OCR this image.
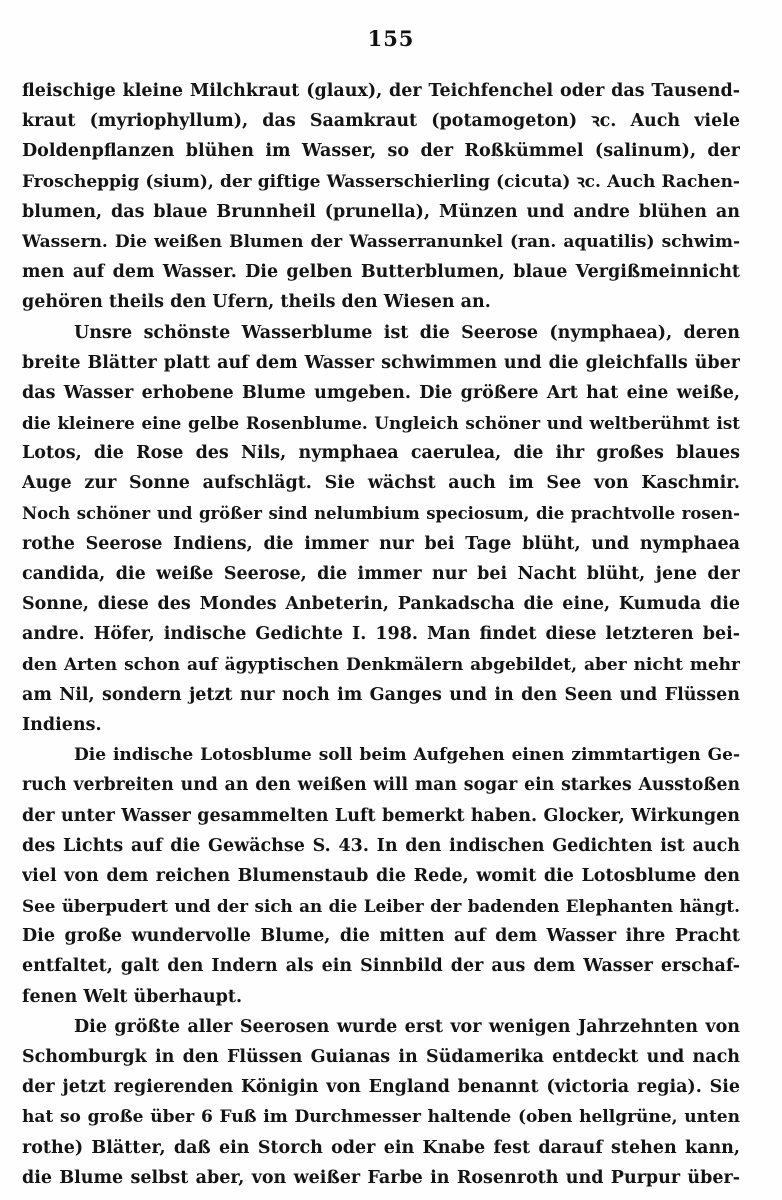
155
fleischige kleine Milchkraut (glaux), der Teichfenchel oder das Tausend-
kraut (myriophyllum), das Saamkraut (potamogeton) ꝛc. Auch viele
Doldenpflanzen blühen im Wasser, so der Roßkümmel (salinum), der
Froscheppig (sium), der giftige Wasserschierling (cicuta) ꝛc. Auch Rachen-
blumen, das blaue Brunnheil (prunella), Münzen und andre blühen an
Wassern. Die weißen Blumen der Wasserranunkel (ran. aquatilis) schwim-
men auf dem Wasser. Die gelben Butterblumen, blaue Vergißmeinnicht
gehören theils den Ufern, theils den Wiesen an.
Unsre schönste Wasserblume ist die Seerose (nymphaea), deren
breite Blätter platt auf dem Wasser schwimmen und die gleichfalls über
das Wasser erhobene Blume umgeben. Die größere Art hat eine weiße,
die kleinere eine gelbe Rosenblume. Ungleich schöner und weltberühmt ist
Lotos, die Rose des Nils, nymphaea caerulea, die ihr großes blaues
Auge zur Sonne aufschlägt. Sie wächst auch im See von Kaschmir.
Noch schöner und größer sind nelumbium speciosum, die prachtvolle rosen-
rothe Seerose Indiens, die immer nur bei Tage blüht, und nymphaea
candida, die weiße Seerose, die immer nur bei Nacht blüht, jene der
Sonne, diese des Mondes Anbeterin, Pankadscha die eine, Kumuda die
andre. Höfer, indische Gedichte I. 198. Man findet diese letzteren bei-
den Arten schon auf ägyptischen Denkmälern abgebildet, aber nicht mehr
am Nil, sondern jetzt nur noch im Ganges und in den Seen und Flüssen
Indiens.
Die indische Lotosblume soll beim Aufgehen einen zimmtartigen Ge-
ruch verbreiten und an den weißen will man sogar ein starkes Ausstoßen
der unter Wasser gesammelten Luft bemerkt haben. Glocker, Wirkungen
des Lichts auf die Gewächse S. 43. In den indischen Gedichten ist auch
viel von dem reichen Blumenstaub die Rede, womit die Lotosblume den
See überpudert und der sich an die Leiber der badenden Elephanten hängt.
Die große wundervolle Blume, die mitten auf dem Wasser ihre Pracht
entfaltet, galt den Indern als ein Sinnbild der aus dem Wasser erschaf-
fenen Welt überhaupt.
Die größte aller Seerosen wurde erst vor wenigen Jahrzehnten von
Schomburgk in den Flüssen Guianas in Südamerika entdeckt und nach
der jetzt regierenden Königin von England benannt (victoria regia). Sie
hat so große über 6 Fuß im Durchmesser haltende (oben hellgrüne, unten
rothe) Blätter, daß ein Storch oder ein Knabe fest darauf stehen kann,
die Blume selbst aber, von weißer Farbe in Rosenroth und Purpur über-
